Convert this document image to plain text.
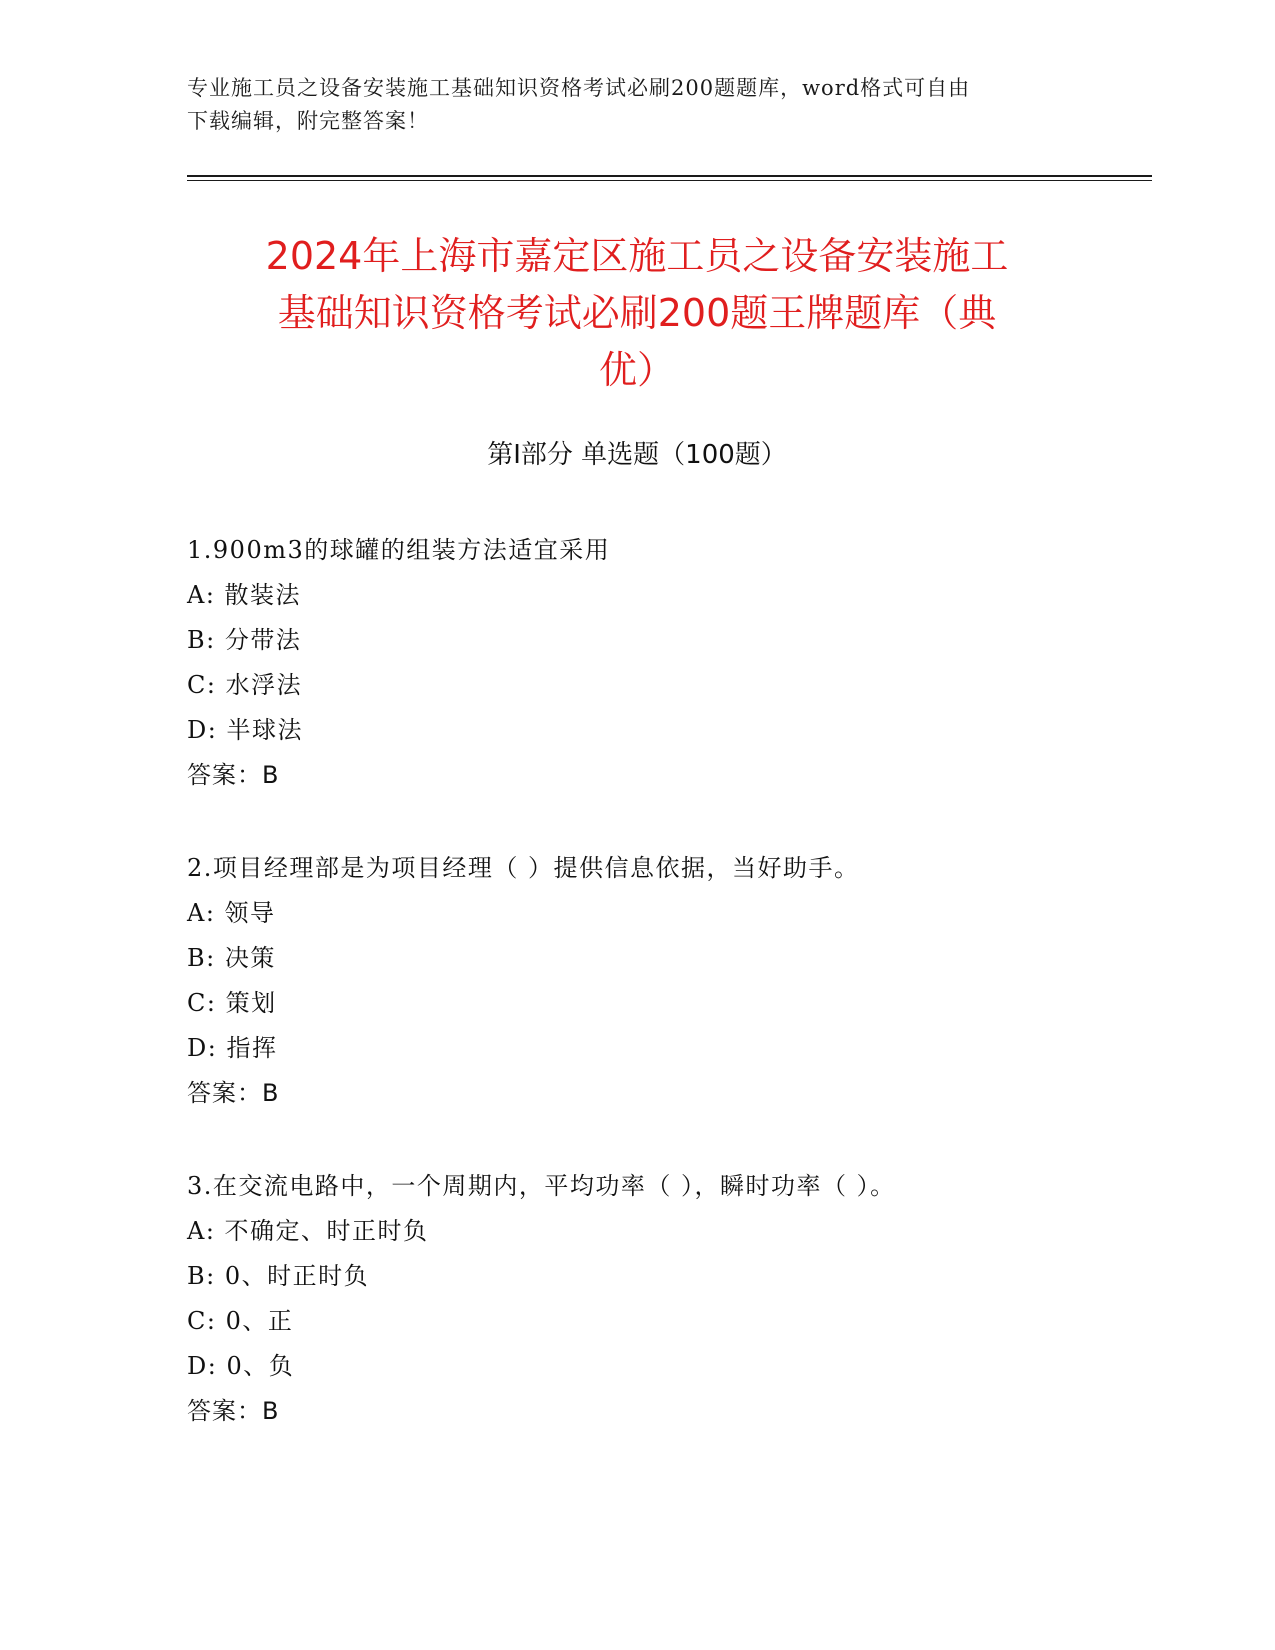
专业施工员之设备安装施工基础知识资格考试必刷200题题库，word格式可自由
下载编辑，附完整答案！
2024年上海市嘉定区施工员之设备安装施工
基础知识资格考试必刷200题王牌题库（典
优）
第I部分 单选题（100题）
1.900m3的球罐的组装方法适宜采用
A: 散装法
B: 分带法
C: 水浮法
D: 半球法
答案：B
2.项目经理部是为项目经理（ ）提供信息依据，当好助手。
A: 领导
B: 决策
C: 策划
D: 指挥
答案：B
3.在交流电路中，一个周期内，平均功率（ ），瞬时功率（ ）。
A: 不确定、时正时负
B: 0、时正时负
C: 0、正
D: 0、负
答案：B
